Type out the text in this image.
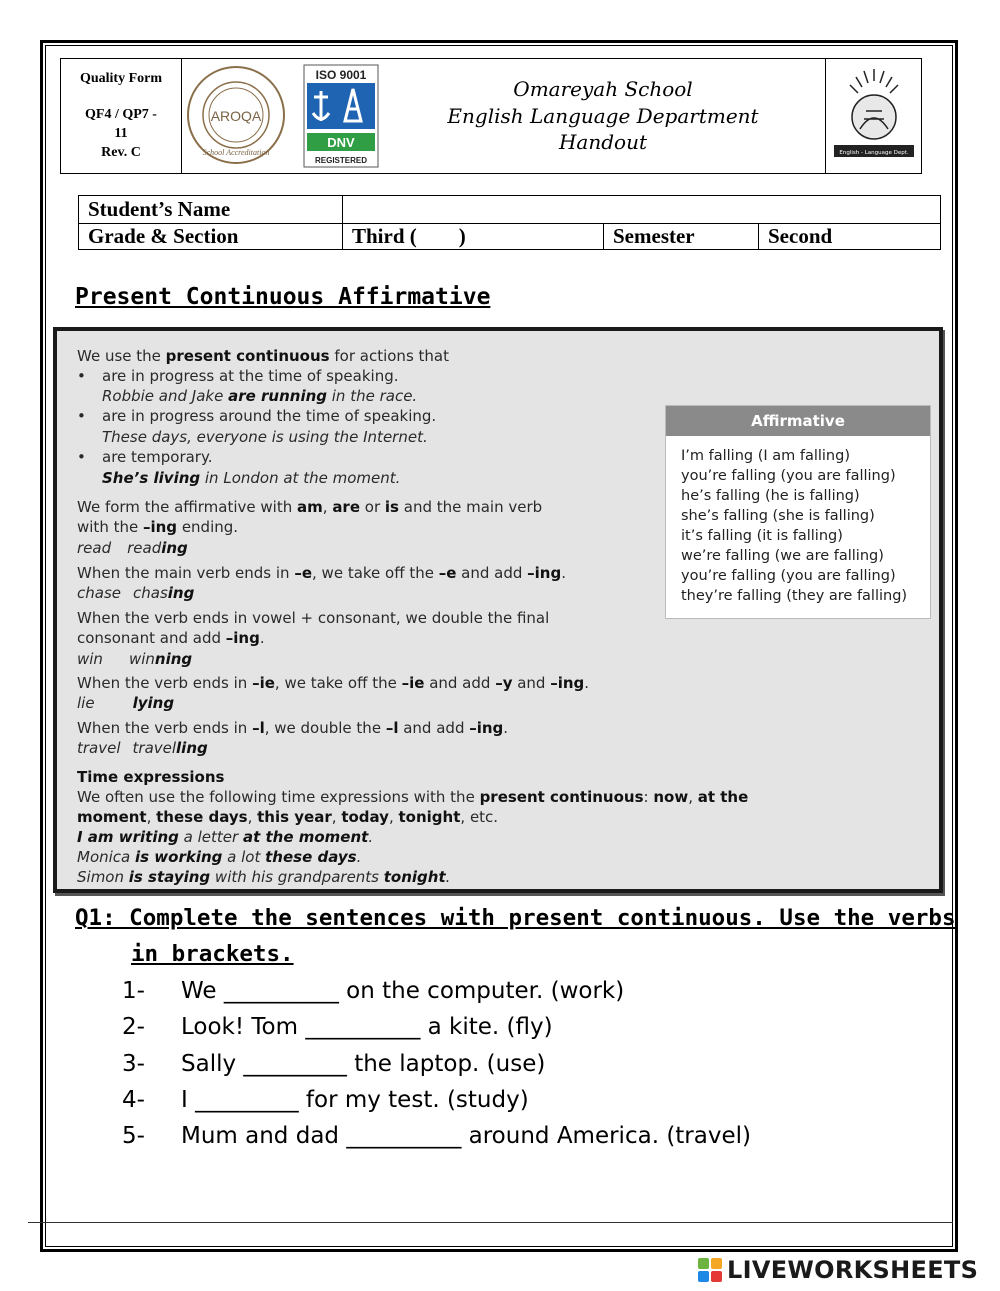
Quality Form
QF4 / QP7 -
11
Rev. C
AROQA
School Accreditation
ISO 9001
DNV
REGISTERED
Omareyah School
English Language Department
Handout	English - Language Dept.
Student’s Name
Grade & Section	Third (        )	Semester	Second
Present Continuous Affirmative
We use the present continuous for actions that
• are in progress at the time of speaking.
Robbie and Jake are running in the race.
• are in progress around the time of speaking.
These days, everyone is using the Internet.
• are temporary.
She’s living in London at the moment.
We form the affirmative with am, are or is and the main verb
with the –ing ending.
read reading
When the main verb ends in –e, we take off the –e and add –ing.
chase chasing
When the verb ends in vowel + consonant, we double the final
consonant and add –ing.
win winning
When the verb ends in –ie, we take off the –ie and add –y and –ing.
lie	lying
When the verb ends in –l, we double the –l and add –ing.
travel travelling
Time expressions
We often use the following time expressions with the present continuous: now, at the
moment, these days, this year, today, tonight, etc.
I am writing a letter at the moment.
Monica is working a lot these days.
Simon is staying with his grandparents tonight.
Affirmative
I’m falling (I am falling)
you’re falling (you are falling)
he’s falling (he is falling)
she’s falling (she is falling)
it’s falling (it is falling)
we’re falling (we are falling)
you’re falling (you are falling)
they’re falling (they are falling)
Q1: Complete the sentences with present continuous. Use the verbs
in brackets.
1- We __________ on the computer. (work)
2- Look! Tom __________ a kite. (fly)
3- Sally _________ the laptop. (use)
4- I _________ for my test. (study)
5- Mum and dad __________ around America. (travel)
LIVEWORKSHEETS
